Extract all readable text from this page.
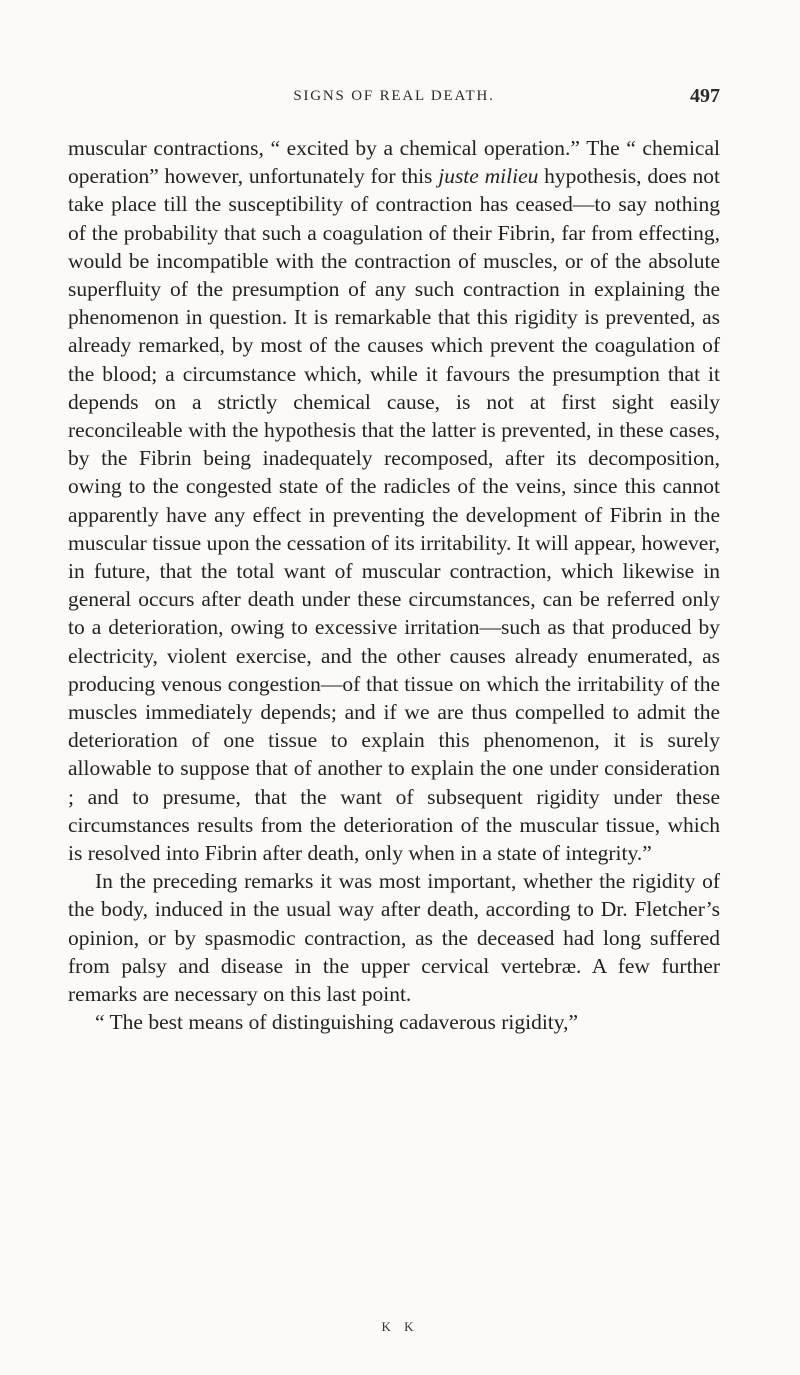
SIGNS OF REAL DEATH.	497

muscular contractions, “ excited by a chemical operation.” The “ chemical operation” however, unfortunately for this juste milieu hypothesis, does not take place till the susceptibility of contraction has ceased—to say nothing of the probability that such a coagulation of their Fibrin, far from effecting, would be incompatible with the contraction of muscles, or of the absolute superfluity of the presumption of any such contraction in explaining the phenomenon in question. It is remarkable that this rigidity is prevented, as already remarked, by most of the causes which prevent the coagulation of the blood; a circumstance which, while it favours the presumption that it depends on a strictly chemical cause, is not at first sight easily reconcileable with the hypothesis that the latter is prevented, in these cases, by the Fibrin being inadequately recomposed, after its decomposition, owing to the congested state of the radicles of the veins, since this cannot apparently have any effect in preventing the development of Fibrin in the muscular tissue upon the cessation of its irritability. It will appear, however, in future, that the total want of muscular contraction, which likewise in general occurs after death under these circumstances, can be referred only to a deterioration, owing to excessive irritation—such as that produced by electricity, violent exercise, and the other causes already enumerated, as producing venous congestion—of that tissue on which the irritability of the muscles immediately depends; and if we are thus compelled to admit the deterioration of one tissue to explain this phenomenon, it is surely allowable to suppose that of another to explain the one under consideration ; and to presume, that the want of subsequent rigidity under these circumstances results from the deterioration of the muscular tissue, which is resolved into Fibrin after death, only when in a state of integrity.”

In the preceding remarks it was most important, whether the rigidity of the body, induced in the usual way after death, according to Dr. Fletcher’s opinion, or by spasmodic contraction, as the deceased had long suffered from palsy and disease in the upper cervical vertebræ. A few further remarks are necessary on this last point.

“ The best means of distinguishing cadaverous rigidity,”

K K
